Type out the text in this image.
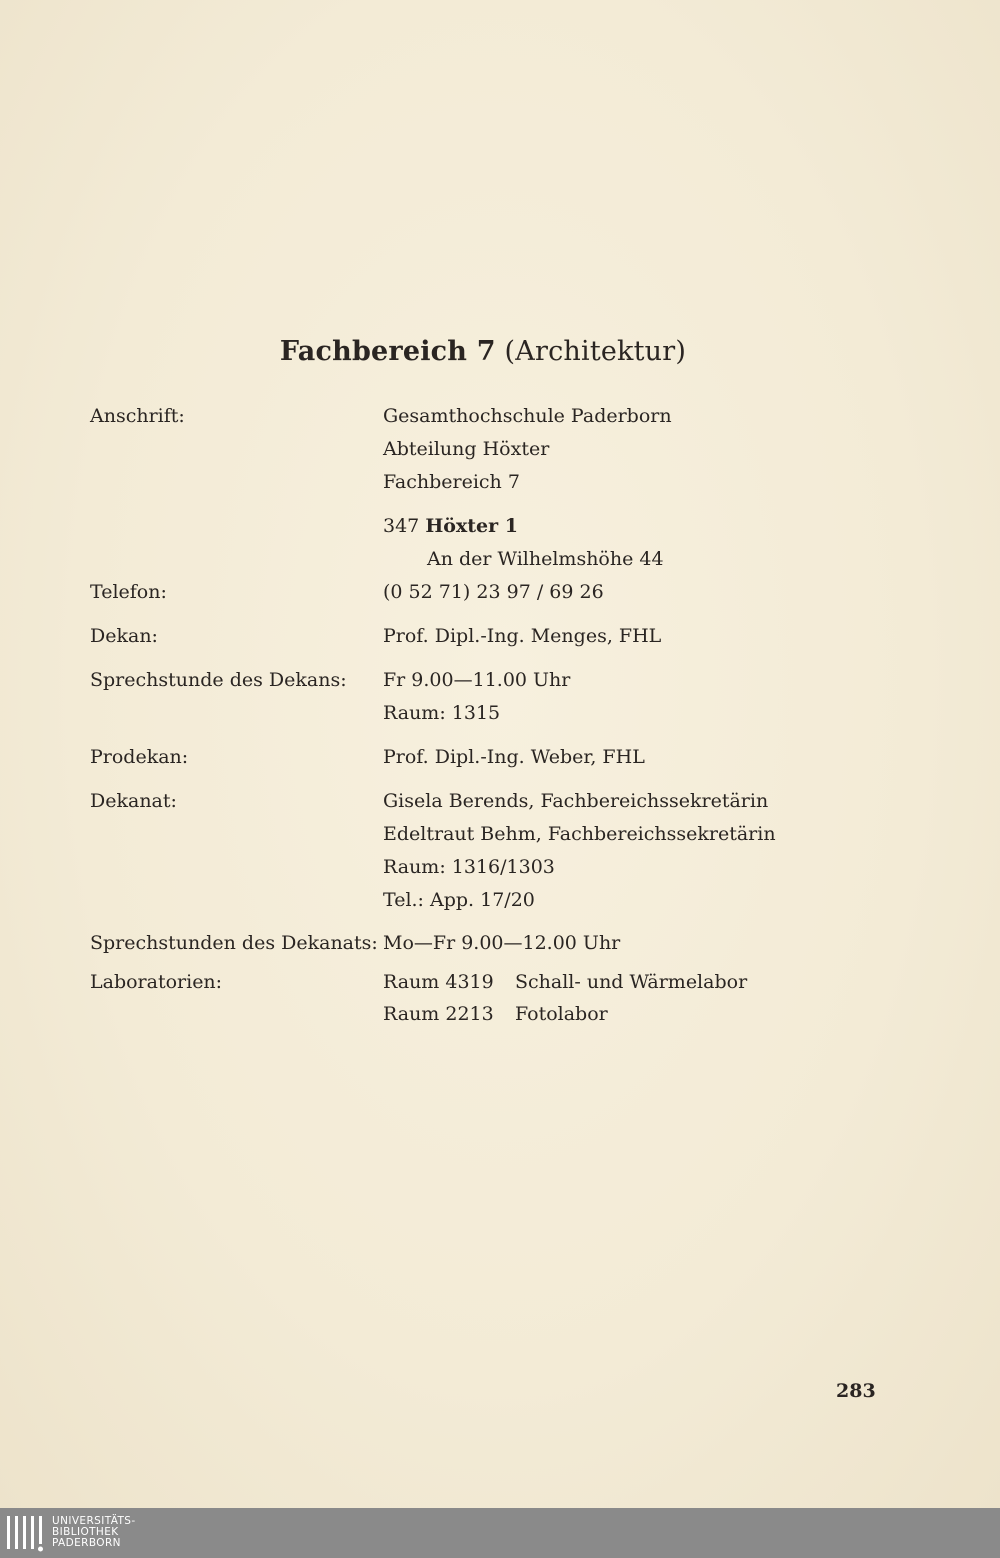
Fachbereich 7 (Architektur)
Anschrift:	Gesamthochschule Paderborn
Abteilung Höxter
Fachbereich 7
347 Höxter 1
An der Wilhelmshöhe 44
Telefon:	(0 52 71) 23 97 / 69 26
Dekan:	Prof. Dipl.-Ing. Menges, FHL
Sprechstunde des Dekans: Fr 9.00—11.00 Uhr
Raum: 1315
Prodekan:	Prof. Dipl.-Ing. Weber, FHL
Dekanat:	Gisela Berends, Fachbereichssekretärin
Edeltraut Behm, Fachbereichssekretärin
Raum: 1316/1303
Tel.: App. 17/20
Sprechstunden des Dekanats: Mo—Fr 9.00—12.00 Uhr
Laboratorien:	Raum 4319 Schall- und Wärmelabor
Raum 2213 Fotolabor
283
UNIVERSITÄTS-
BIBLIOTHEK
PADERBORN
